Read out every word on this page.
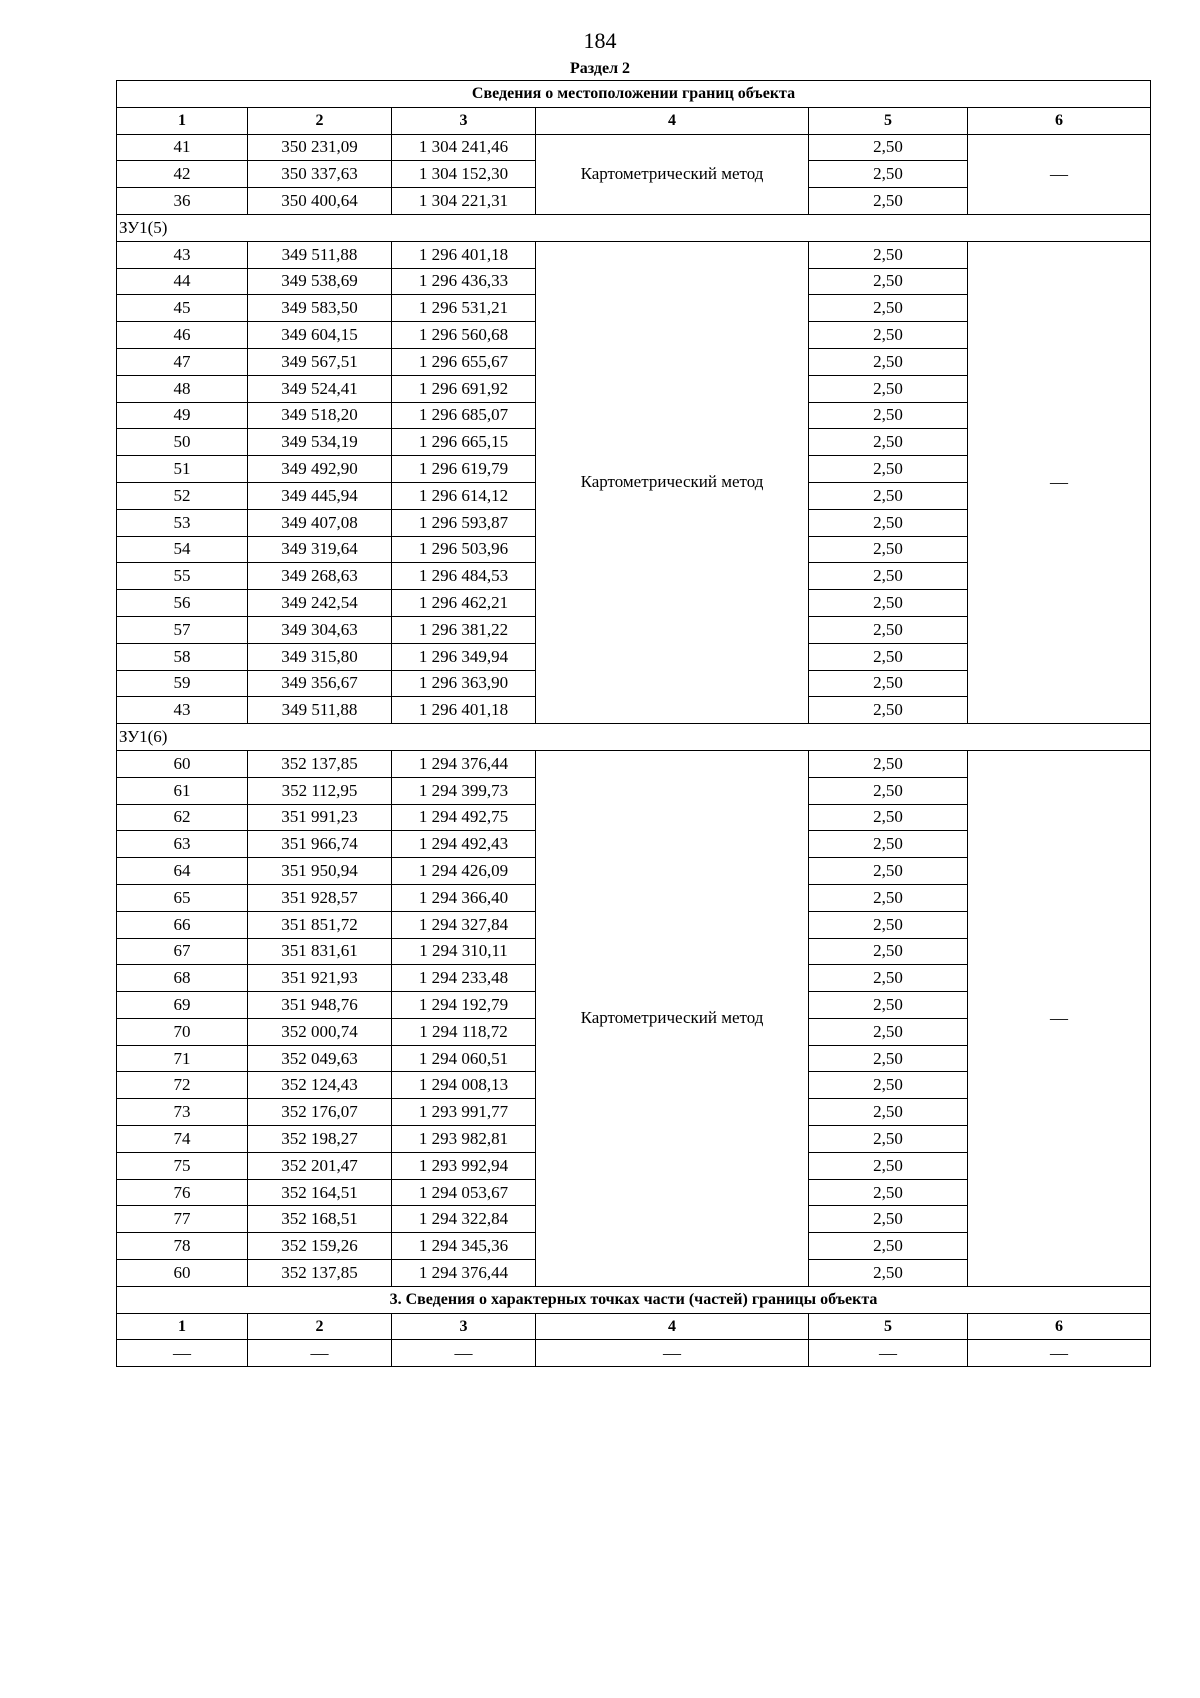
184
Раздел 2
Сведения о местоположении границ объекта					
1	2	3	4	5	6
41	350 231,09	1 304 241,46	Картометрический метод	2,50	—
42	350 337,63	1 304 152,30		2,50	
36	350 400,64	1 304 221,31		2,50	
ЗУ1(5)					
43	349 511,88	1 296 401,18	Картометрический метод	2,50	—
44	349 538,69	1 296 436,33		2,50	
45	349 583,50	1 296 531,21		2,50	
46	349 604,15	1 296 560,68		2,50	
47	349 567,51	1 296 655,67		2,50	
48	349 524,41	1 296 691,92		2,50	
49	349 518,20	1 296 685,07		2,50	
50	349 534,19	1 296 665,15		2,50	
51	349 492,90	1 296 619,79		2,50	
52	349 445,94	1 296 614,12		2,50	
53	349 407,08	1 296 593,87		2,50	
54	349 319,64	1 296 503,96		2,50	
55	349 268,63	1 296 484,53		2,50	
56	349 242,54	1 296 462,21		2,50	
57	349 304,63	1 296 381,22		2,50	
58	349 315,80	1 296 349,94		2,50	
59	349 356,67	1 296 363,90		2,50	
43	349 511,88	1 296 401,18		2,50	
ЗУ1(6)					
60	352 137,85	1 294 376,44	Картометрический метод	2,50	—
61	352 112,95	1 294 399,73		2,50	
62	351 991,23	1 294 492,75		2,50	
63	351 966,74	1 294 492,43		2,50	
64	351 950,94	1 294 426,09		2,50	
65	351 928,57	1 294 366,40		2,50	
66	351 851,72	1 294 327,84		2,50	
67	351 831,61	1 294 310,11		2,50	
68	351 921,93	1 294 233,48		2,50	
69	351 948,76	1 294 192,79		2,50	
70	352 000,74	1 294 118,72		2,50	
71	352 049,63	1 294 060,51		2,50	
72	352 124,43	1 294 008,13		2,50	
73	352 176,07	1 293 991,77		2,50	
74	352 198,27	1 293 982,81		2,50	
75	352 201,47	1 293 992,94		2,50	
76	352 164,51	1 294 053,67		2,50	
77	352 168,51	1 294 322,84		2,50	
78	352 159,26	1 294 345,36		2,50	
60	352 137,85	1 294 376,44		2,50	
3. Сведения о характерных точках части (частей) границы объекта					
1	2	3	4	5	6
—	—	—	—	—	—
